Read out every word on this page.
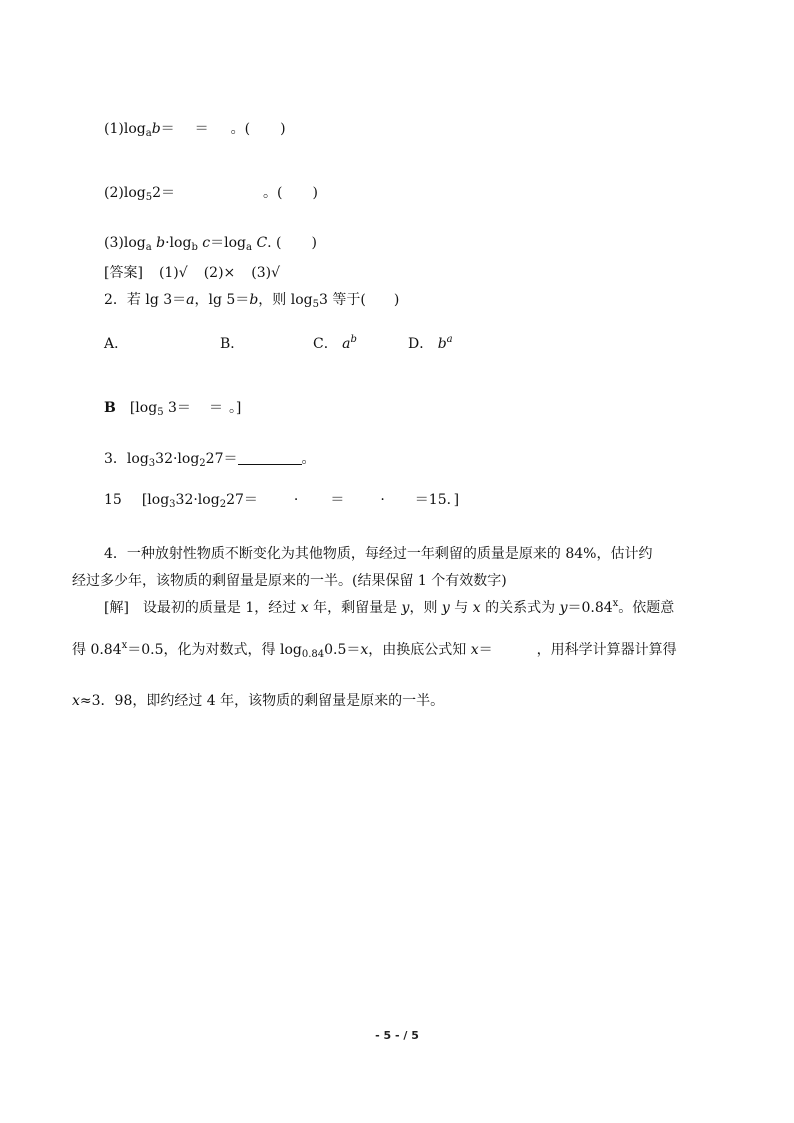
$(1)\log_ab=$ ＝ 。( )
$(2)\log_52=$	。( )
$(3)\log_a$ $b\cdot\log_b$ $c=\log_a$ C. ( )
[答案] (1)√ (2)× (3)√
2．若 lg 3＝a，lg 5＝b，则 $\log_53$ 等于( )
A．	B．	C． $a^b$	D． $b^a$
B [$\log_5$ 3＝ ＝ 。]
3．$\log_332\cdot\log_227=$	。
15 [$\log_332\cdot\log_227=$	· ＝	· ＝15．]
4．一种放射性物质不断变化为其他物质，每经过一年剩留的质量是原来的 84%，估计约
经过多少年，该物质的剩留量是原来的一半。(结果保留 1 个有效数字)
[解]　设最初的质量是 1，经过 x 年，剩留量是 y，则 y 与 x 的关系式为 $y=0.84^x$。依题意
得 $0.84^x=0.5$，化为对数式，得 $\log_{0.84}0.5=x$，由换底公式知 x＝	，用科学计算器计算得
x≈3．98，即约经过 4 年，该物质的剩留量是原来的一半。
- 5 - / 5
